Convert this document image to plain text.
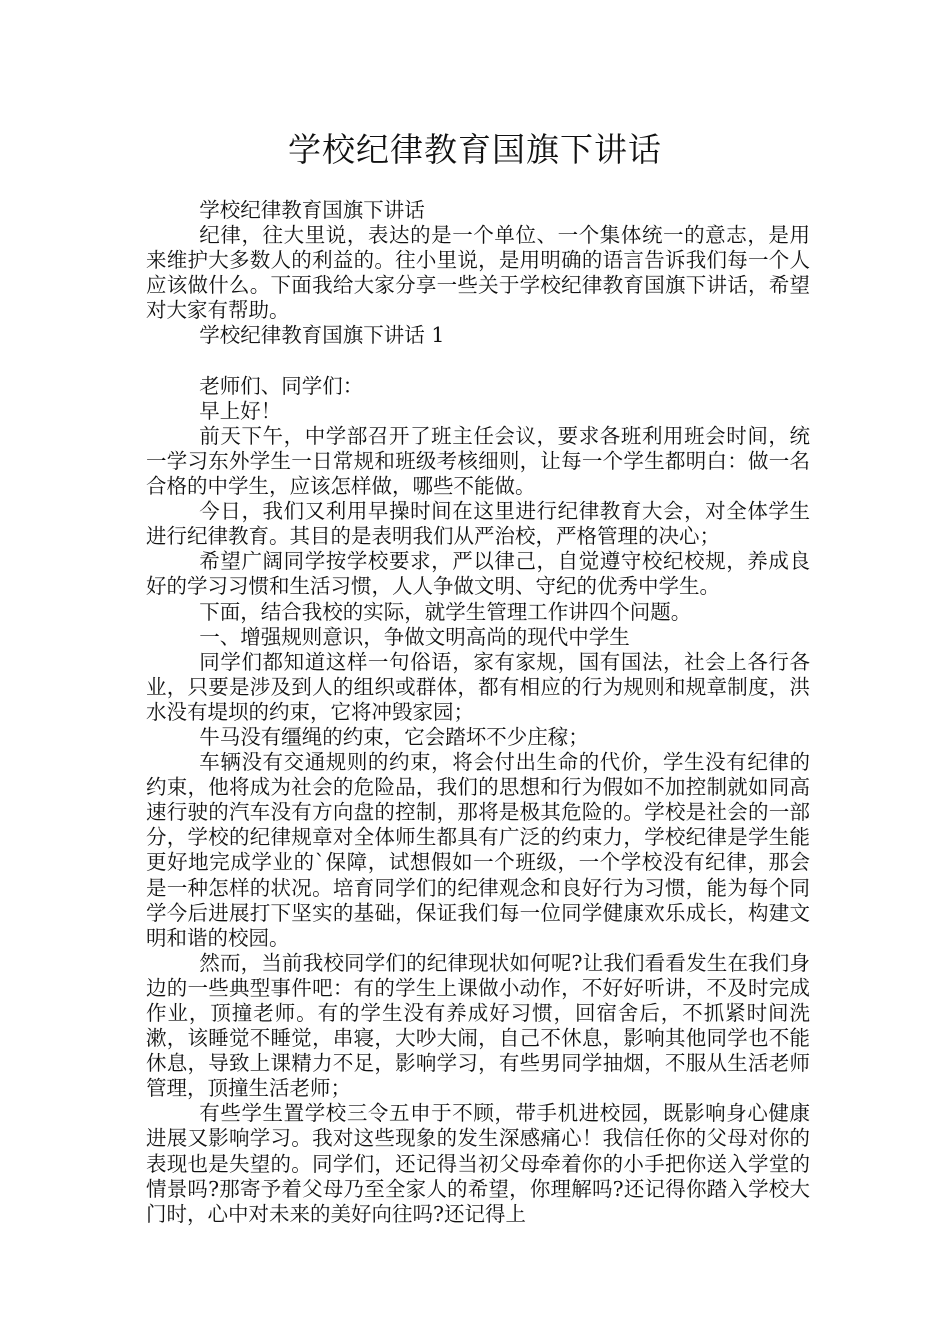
学校纪律教育国旗下讲话

学校纪律教育国旗下讲话

纪律，往大里说，表达的是一个单位、一个集体统一的意志，是用来维护大多数人的利益的。往小里说，是用明确的语言告诉我们每一个人应该做什么。下面我给大家分享一些关于学校纪律教育国旗下讲话，希望对大家有帮助。

学校纪律教育国旗下讲话 1

老师们、同学们：

早上好！

前天下午，中学部召开了班主任会议，要求各班利用班会时间，统一学习东外学生一日常规和班级考核细则，让每一个学生都明白：做一名合格的中学生，应该怎样做，哪些不能做。

今日，我们又利用早操时间在这里进行纪律教育大会，对全体学生进行纪律教育。其目的是表明我们从严治校，严格管理的决心；

希望广阔同学按学校要求，严以律己，自觉遵守校纪校规，养成良好的学习习惯和生活习惯，人人争做文明、守纪的优秀中学生。

下面，结合我校的实际，就学生管理工作讲四个问题。

一、增强规则意识，争做文明高尚的现代中学生

同学们都知道这样一句俗语，家有家规，国有国法，社会上各行各业，只要是涉及到人的组织或群体，都有相应的行为规则和规章制度，洪水没有堤坝的约束，它将冲毁家园；

牛马没有缰绳的约束，它会踏坏不少庄稼；

车辆没有交通规则的约束，将会付出生命的代价，学生没有纪律的约束，他将成为社会的危险品，我们的思想和行为假如不加控制就如同高速行驶的汽车没有方向盘的控制，那将是极其危险的。学校是社会的一部分，学校的纪律规章对全体师生都具有广泛的约束力，学校纪律是学生能更好地完成学业的`保障，试想假如一个班级，一个学校没有纪律，那会是一种怎样的状况。培育同学们的纪律观念和良好行为习惯，能为每个同学今后进展打下坚实的基础，保证我们每一位同学健康欢乐成长，构建文明和谐的校园。

然而，当前我校同学们的纪律现状如何呢?让我们看看发生在我们身边的一些典型事件吧：有的学生上课做小动作，不好好听讲，不及时完成作业，顶撞老师。有的学生没有养成好习惯，回宿舍后，不抓紧时间洗漱，该睡觉不睡觉，串寝，大吵大闹，自己不休息，影响其他同学也不能休息，导致上课精力不足，影响学习，有些男同学抽烟，不服从生活老师管理，顶撞生活老师；

有些学生置学校三令五申于不顾，带手机进校园，既影响身心健康进展又影响学习。我对这些现象的发生深感痛心！我信任你的父母对你的表现也是失望的。同学们，还记得当初父母牵着你的小手把你送入学堂的情景吗?那寄予着父母乃至全家人的希望，你理解吗?还记得你踏入学校大门时，心中对未来的美好向往吗?还记得上
